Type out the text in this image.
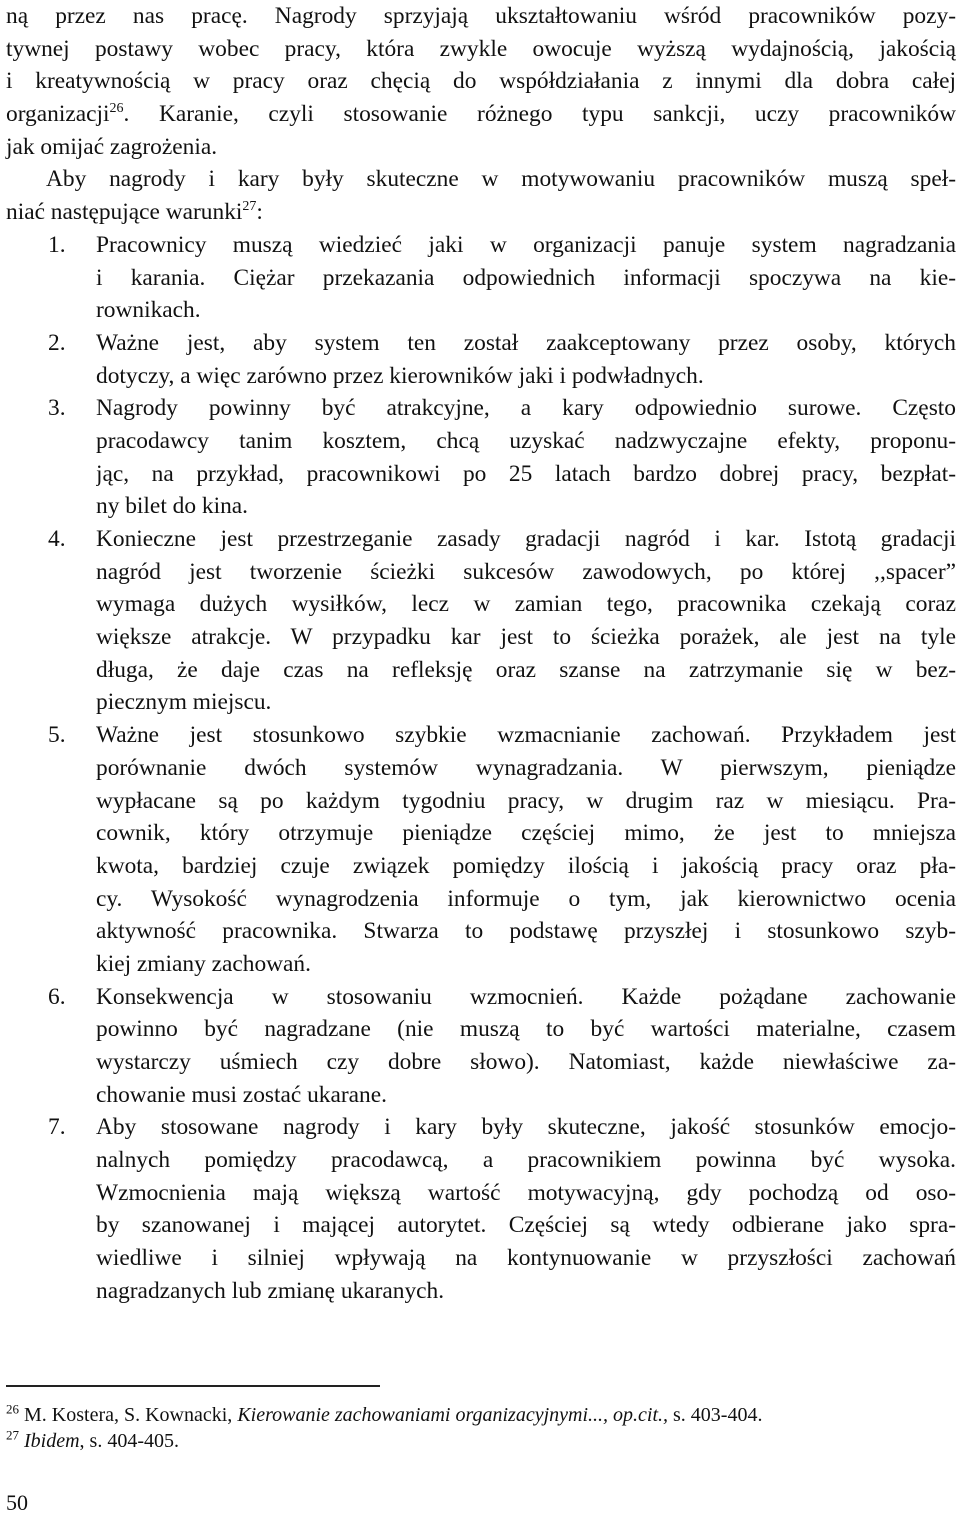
ną przez nas pracę. Nagrody sprzyjają ukształtowaniu wśród pracowników pozy-
tywnej postawy wobec pracy, która zwykle owocuje wyższą wydajnością, jakością
i kreatywnością w pracy oraz chęcią do współdziałania z innymi dla dobra całej
organizacji$^{26}$. Karanie, czyli stosowanie różnego typu sankcji, uczy pracowników
jak omijać zagrożenia.
Aby nagrody i kary były skuteczne w motywowaniu pracowników muszą speł-
niać następujące warunki$^{27}$:
1. Pracownicy muszą wiedzieć jaki w organizacji panuje system nagradzania
i karania. Ciężar przekazania odpowiednich informacji spoczywa na kie-
rownikach.
2. Ważne jest, aby system ten został zaakceptowany przez osoby, których
dotyczy, a więc zarówno przez kierowników jaki i podwładnych.
3. Nagrody powinny być atrakcyjne, a kary odpowiednio surowe. Często
pracodawcy tanim kosztem, chcą uzyskać nadzwyczajne efekty, proponu-
jąc, na przykład, pracownikowi po 25 latach bardzo dobrej pracy, bezpłat-
ny bilet do kina.
4. Konieczne jest przestrzeganie zasady gradacji nagród i kar. Istotą gradacji
nagród jest tworzenie ścieżki sukcesów zawodowych, po której ,,spacer”
wymaga dużych wysiłków, lecz w zamian tego, pracownika czekają coraz
większe atrakcje. W przypadku kar jest to ścieżka porażek, ale jest na tyle
długa, że daje czas na refleksję oraz szanse na zatrzymanie się w bez-
piecznym miejscu.
5. Ważne jest stosunkowo szybkie wzmacnianie zachowań. Przykładem jest
porównanie dwóch systemów wynagradzania. W pierwszym, pieniądze
wypłacane są po każdym tygodniu pracy, w drugim raz w miesiącu. Pra-
cownik, który otrzymuje pieniądze częściej mimo, że jest to mniejsza
kwota, bardziej czuje związek pomiędzy ilością i jakością pracy oraz pła-
cy. Wysokość wynagrodzenia informuje o tym, jak kierownictwo ocenia
aktywność pracownika. Stwarza to podstawę przyszłej i stosunkowo szyb-
kiej zmiany zachowań.
6. Konsekwencja w stosowaniu wzmocnień. Każde pożądane zachowanie
powinno być nagradzane (nie muszą to być wartości materialne, czasem
wystarczy uśmiech czy dobre słowo). Natomiast, każde niewłaściwe za-
chowanie musi zostać ukarane.
7. Aby stosowane nagrody i kary były skuteczne, jakość stosunków emocjo-
nalnych pomiędzy pracodawcą, a pracownikiem powinna być wysoka.
Wzmocnienia mają większą wartość motywacyjną, gdy pochodzą od oso-
by szanowanej i mającej autorytet. Częściej są wtedy odbierane jako spra-
wiedliwe i silniej wpływają na kontynuowanie w przyszłości zachowań
nagradzanych lub zmianę ukaranych.
$^{26}$ M. Kostera, S. Kownacki, Kierowanie zachowaniami organizacyjnymi..., op.cit., s. 403-404.
$^{27}$ Ibidem, s. 404-405.
50
